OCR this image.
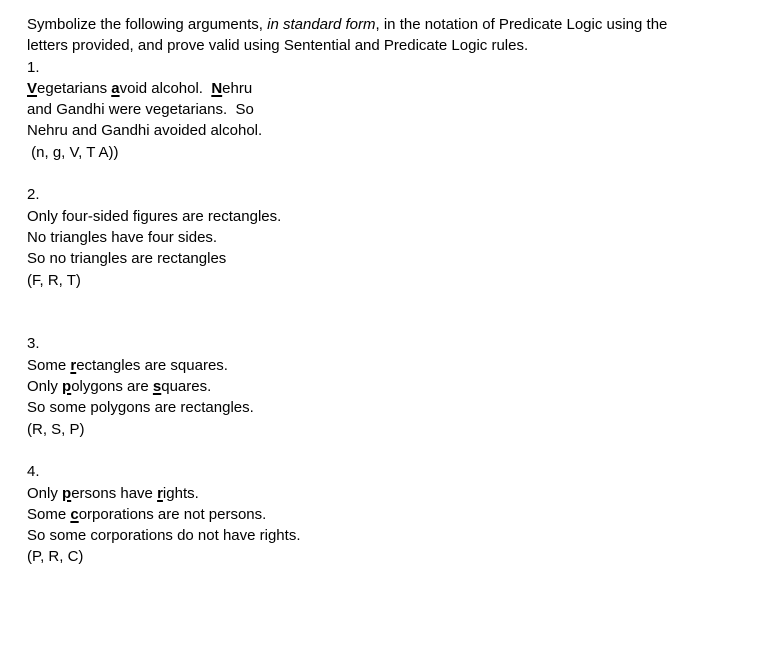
Symbolize the following arguments, in standard form, in the notation of Predicate Logic using the
letters provided, and prove valid using Sentential and Predicate Logic rules.
1.
Vegetarians avoid alcohol.  Nehru
and Gandhi were vegetarians.  So
Nehru and Gandhi avoided alcohol.
(n, g, V, T A))
2.
Only four-sided figures are rectangles.
No triangles have four sides.
So no triangles are rectangles
(F, R, T)
3.
Some rectangles are squares.
Only polygons are squares.
So some polygons are rectangles.
(R, S, P)
4.
Only persons have rights.
Some corporations are not persons.
So some corporations do not have rights.
(P, R, C)
